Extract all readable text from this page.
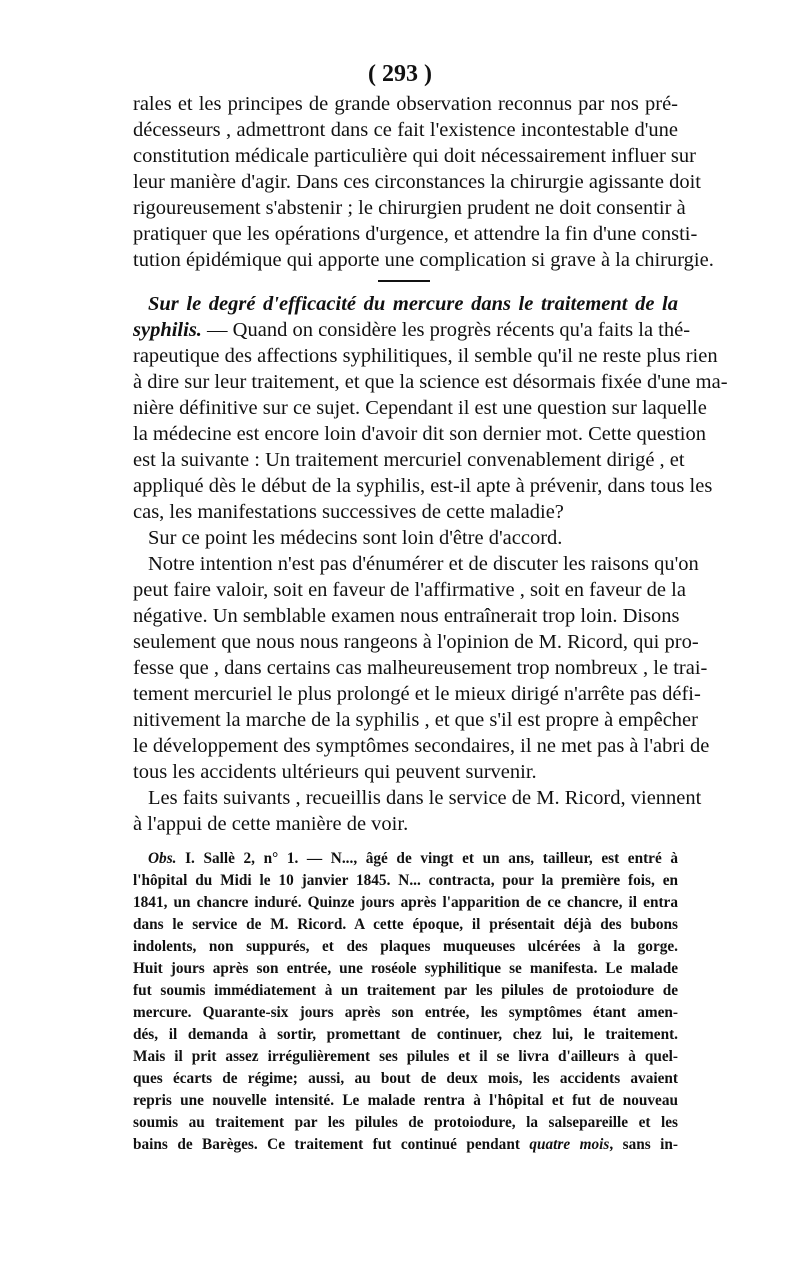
( 293 )
rales et les principes de grande observation reconnus par nos pré-
décesseurs , admettront dans ce fait l'existence incontestable d'une
constitution médicale particulière qui doit nécessairement influer sur
leur manière d'agir. Dans ces circonstances la chirurgie agissante doit
rigoureusement s'abstenir ; le chirurgien prudent ne doit consentir à
pratiquer que les opérations d'urgence, et attendre la fin d'une consti-
tution épidémique qui apporte une complication si grave à la chirurgie.
Sur le degré d'efficacité du mercure dans le traitement de la
syphilis. — Quand on considère les progrès récents qu'a faits la thé-
rapeutique des affections syphilitiques, il semble qu'il ne reste plus rien
à dire sur leur traitement, et que la science est désormais fixée d'une ma-
nière définitive sur ce sujet. Cependant il est une question sur laquelle
la médecine est encore loin d'avoir dit son dernier mot. Cette question
est la suivante : Un traitement mercuriel convenablement dirigé , et
appliqué dès le début de la syphilis, est-il apte à prévenir, dans tous les
cas, les manifestations successives de cette maladie?
Sur ce point les médecins sont loin d'être d'accord.
Notre intention n'est pas d'énumérer et de discuter les raisons qu'on
peut faire valoir, soit en faveur de l'affirmative , soit en faveur de la
négative. Un semblable examen nous entraînerait trop loin. Disons
seulement que nous nous rangeons à l'opinion de M. Ricord, qui pro-
fesse que , dans certains cas malheureusement trop nombreux , le trai-
tement mercuriel le plus prolongé et le mieux dirigé n'arrête pas défi-
nitivement la marche de la syphilis , et que s'il est propre à empêcher
le développement des symptômes secondaires, il ne met pas à l'abri de
tous les accidents ultérieurs qui peuvent survenir.
Les faits suivants , recueillis dans le service de M. Ricord, viennent
à l'appui de cette manière de voir.
Obs. I. Sallè 2, n° 1. — N..., âgé de vingt et un ans, tailleur, est entré à
l'hôpital du Midi le 10 janvier 1845. N... contracta, pour la première fois, en
1841, un chancre induré. Quinze jours après l'apparition de ce chancre, il entra
dans le service de M. Ricord. A cette époque, il présentait déjà des bubons
indolents, non suppurés, et des plaques muqueuses ulcérées à la gorge.
Huit jours après son entrée, une roséole syphilitique se manifesta. Le malade
fut soumis immédiatement à un traitement par les pilules de protoiodure de
mercure. Quarante-six jours après son entrée, les symptômes étant amen-
dés, il demanda à sortir, promettant de continuer, chez lui, le traitement.
Mais il prit assez irrégulièrement ses pilules et il se livra d'ailleurs à quel-
ques écarts de régime; aussi, au bout de deux mois, les accidents avaient
repris une nouvelle intensité. Le malade rentra à l'hôpital et fut de nouveau
soumis au traitement par les pilules de protoiodure, la salsepareille et les
bains de Barèges. Ce traitement fut continué pendant quatre mois, sans in-
